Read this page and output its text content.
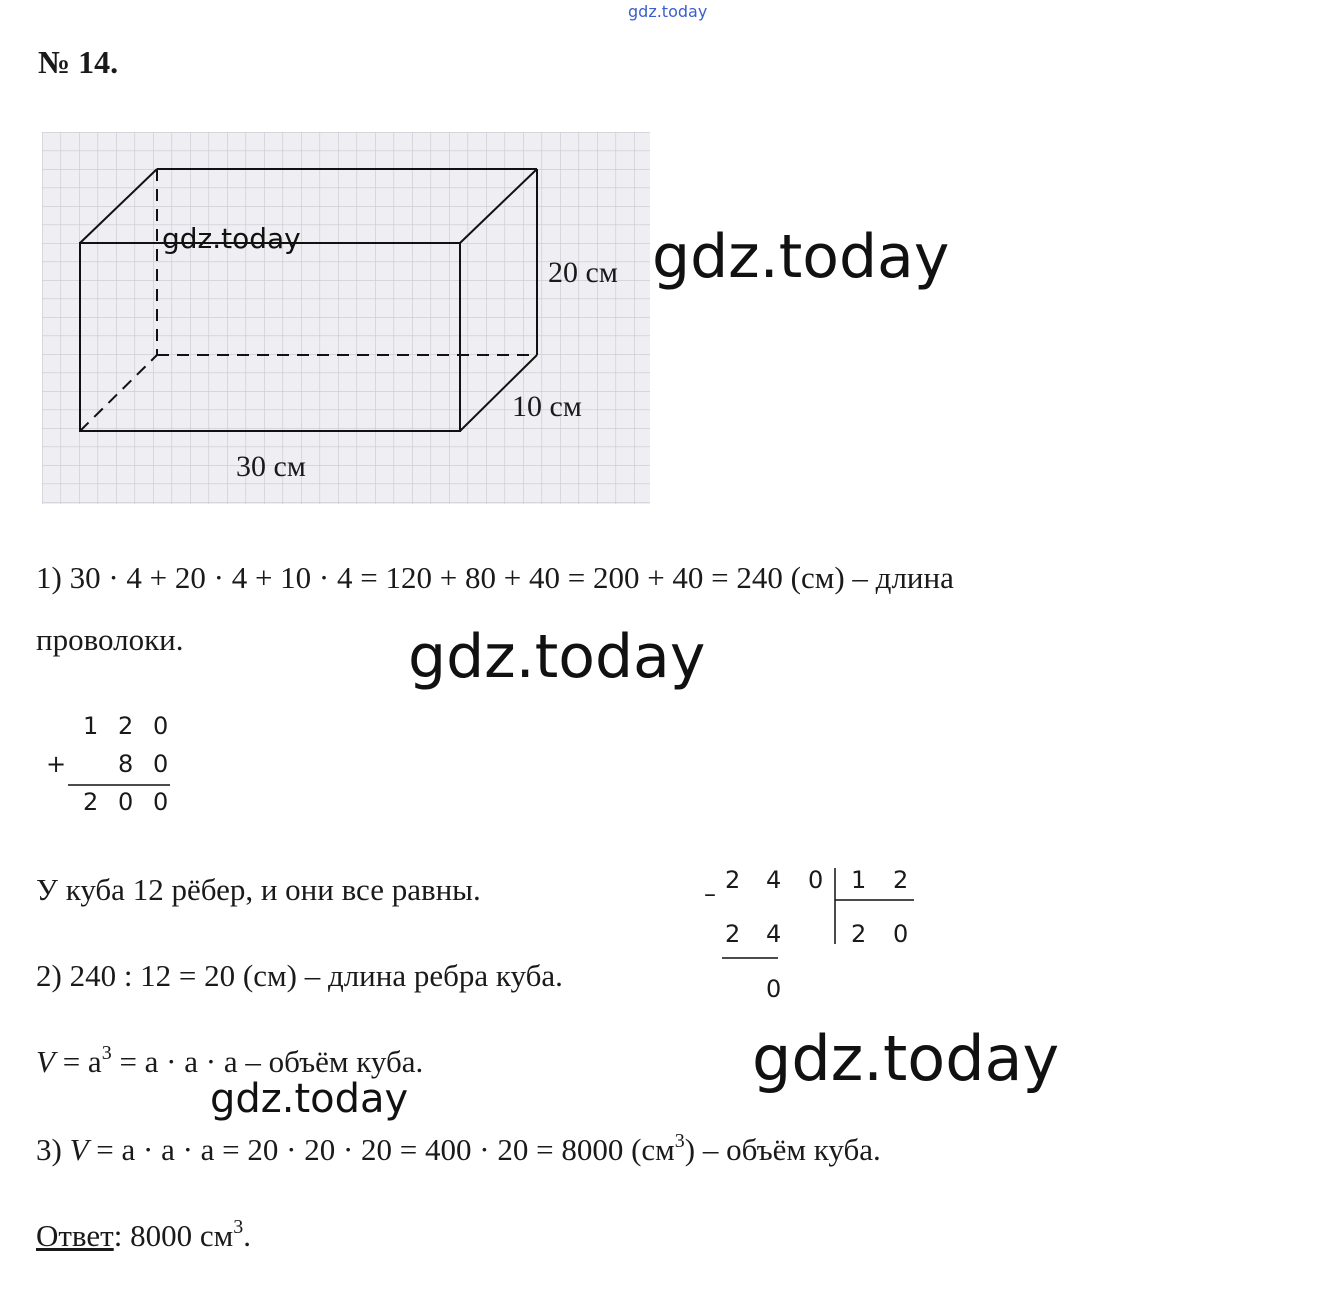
gdz.today
№ 14.
20 см
10 см
30 см
gdz.today	gdz.today
1) 30 · 4 + 20 · 4 + 10 · 4 = 120 + 80 + 40 = 200 + 40 = 240 (см) – длина
проволоки.	gdz.today
1 2 0
+ 8 0
2 0 0
У куба 12 рёбер, и они все равны.	– 2 4 0 1 2
2 4	2 0
0
2) 240 : 12 = 20 (см) – длина ребра куба.
$V = a^3 = a \cdot a \cdot a$ – объём куба.	gdz.today
gdz.today
3) V = a · a · a = 20 · 20 · 20 = 400 · 20 = 8000 $(см^3)$ – объём куба.
Ответ: 8000 $см^3$.
